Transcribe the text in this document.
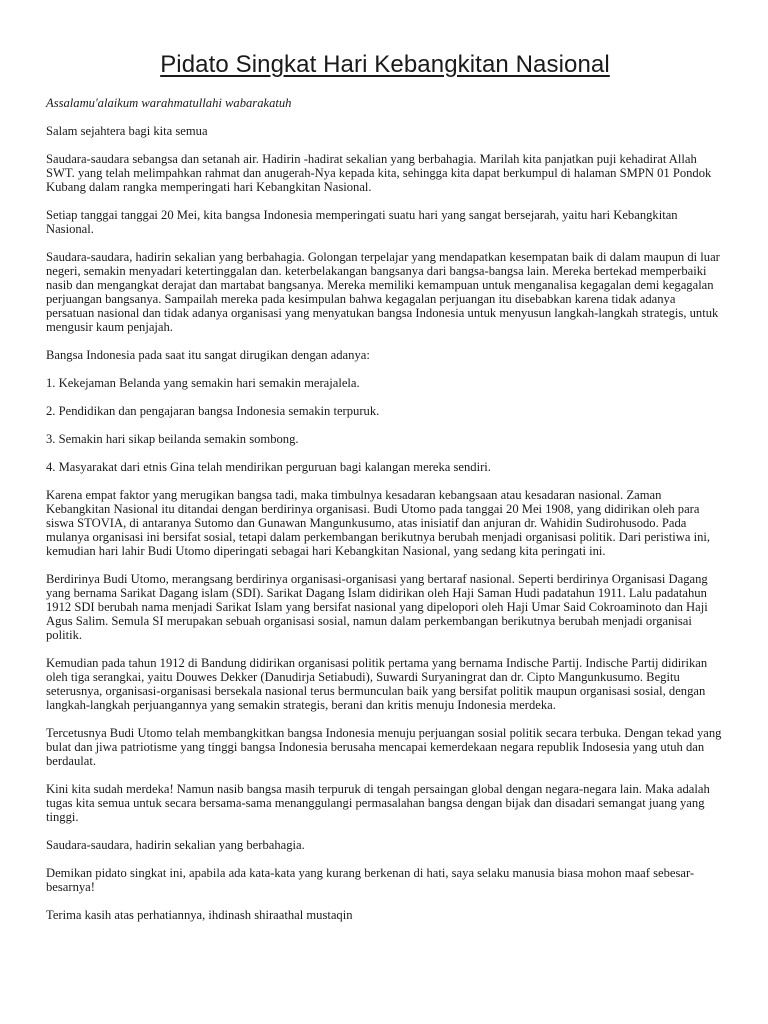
Pidato Singkat Hari Kebangkitan Nasional

Assalamu'alaikum warahmatullahi wabarakatuh

Salam sejahtera bagi kita semua

Saudara-saudara sebangsa dan setanah air. Hadirin -hadirat sekalian yang berbahagia. Marilah kita panjatkan puji kehadirat Allah SWT. yang telah melimpahkan rahmat dan anugerah-Nya kepada kita, sehingga kita dapat berkumpul di halaman SMPN 01 Pondok Kubang dalam rangka memperingati hari Kebangkitan Nasional.

Setiap tanggai tanggai 20 Mei, kita bangsa Indonesia memperingati suatu hari yang sangat bersejarah, yaitu hari Kebangkitan Nasional.

Saudara-saudara, hadirin sekalian yang berbahagia. Golongan terpelajar yang mendapatkan kesempatan baik di dalam maupun di luar negeri, semakin menyadari ketertinggalan dan. keterbelakangan bangsanya dari bangsa-bangsa lain. Mereka bertekad memperbaiki nasib dan mengangkat derajat dan martabat bangsanya. Mereka memiliki kemampuan untuk menganalisa kegagalan demi kegagalan perjuangan bangsanya. Sampailah mereka pada kesimpulan bahwa kegagalan perjuangan itu disebabkan karena tidak adanya persatuan nasional dan tidak adanya organisasi yang menyatukan bangsa Indonesia untuk menyusun langkah-langkah strategis, untuk mengusir kaum penjajah.

Bangsa Indonesia pada saat itu sangat dirugikan dengan adanya:

1. Kekejaman Belanda yang semakin hari semakin merajalela.

2. Pendidikan dan pengajaran bangsa Indonesia semakin terpuruk.

3. Semakin hari sikap beilanda semakin sombong.

4. Masyarakat dari etnis Gina telah mendirikan perguruan bagi kalangan mereka sendiri.

Karena empat faktor yang merugikan bangsa tadi, maka timbulnya kesadaran kebangsaan atau kesadaran nasional. Zaman Kebangkitan Nasional itu ditandai dengan berdirinya organisasi. Budi Utomo pada tanggai 20 Mei 1908, yang didirikan oleh para siswa STOVIA, di antaranya Sutomo dan Gunawan Mangunkusumo, atas inisiatif dan anjuran dr. Wahidin Sudirohusodo. Pada mulanya organisasi ini bersifat sosial, tetapi dalam perkembangan berikutnya berubah menjadi organisasi politik. Dari peristiwa ini, kemudian hari lahir Budi Utomo diperingati sebagai hari Kebangkitan Nasional, yang sedang kita peringati ini.

Berdirinya Budi Utomo, merangsang berdirinya organisasi-organisasi yang bertaraf nasional. Seperti berdirinya Organisasi Dagang yang bernama Sarikat Dagang islam (SDI). Sarikat Dagang Islam didirikan oleh Haji Saman Hudi padatahun 1911. Lalu padatahun 1912 SDI berubah nama menjadi Sarikat Islam yang bersifat nasional yang dipelopori oleh Haji Umar Said Cokroaminoto dan Haji Agus Salim. Semula SI merupakan sebuah organisasi sosial, namun dalam perkembangan berikutnya berubah menjadi organisai politik.

Kemudian pada tahun 1912 di Bandung didirikan organisasi politik pertama yang bernama Indische Partij. Indische Partij didirikan oleh tiga serangkai, yaitu Douwes Dekker (Danudirja Setiabudi), Suwardi Suryaningrat dan dr. Cipto Mangunkusumo. Begitu seterusnya, organisasi-organisasi bersekala nasional terus bermunculan baik yang bersifat politik maupun organisasi sosial, dengan langkah-langkah perjuangannya yang semakin strategis, berani dan kritis menuju Indonesia merdeka.

Tercetusnya Budi Utomo telah membangkitkan bangsa Indonesia menuju perjuangan sosial politik secara terbuka. Dengan tekad yang bulat dan jiwa patriotisme yang tinggi bangsa Indonesia berusaha mencapai kemerdekaan negara republik Indosesia yang utuh dan berdaulat.

Kini kita sudah merdeka! Namun nasib bangsa masih terpuruk di tengah persaingan global dengan negara-negara lain. Maka adalah tugas kita semua untuk secara bersama-sama menanggulangi permasalahan bangsa dengan bijak dan disadari semangat juang yang tinggi.

Saudara-saudara, hadirin sekalian yang berbahagia.

Demikan pidato singkat ini, apabila ada kata-kata yang kurang berkenan di hati, saya selaku manusia biasa mohon maaf sebesar-besarnya!

Terima kasih atas perhatiannya, ihdinash shiraathal mustaqin
